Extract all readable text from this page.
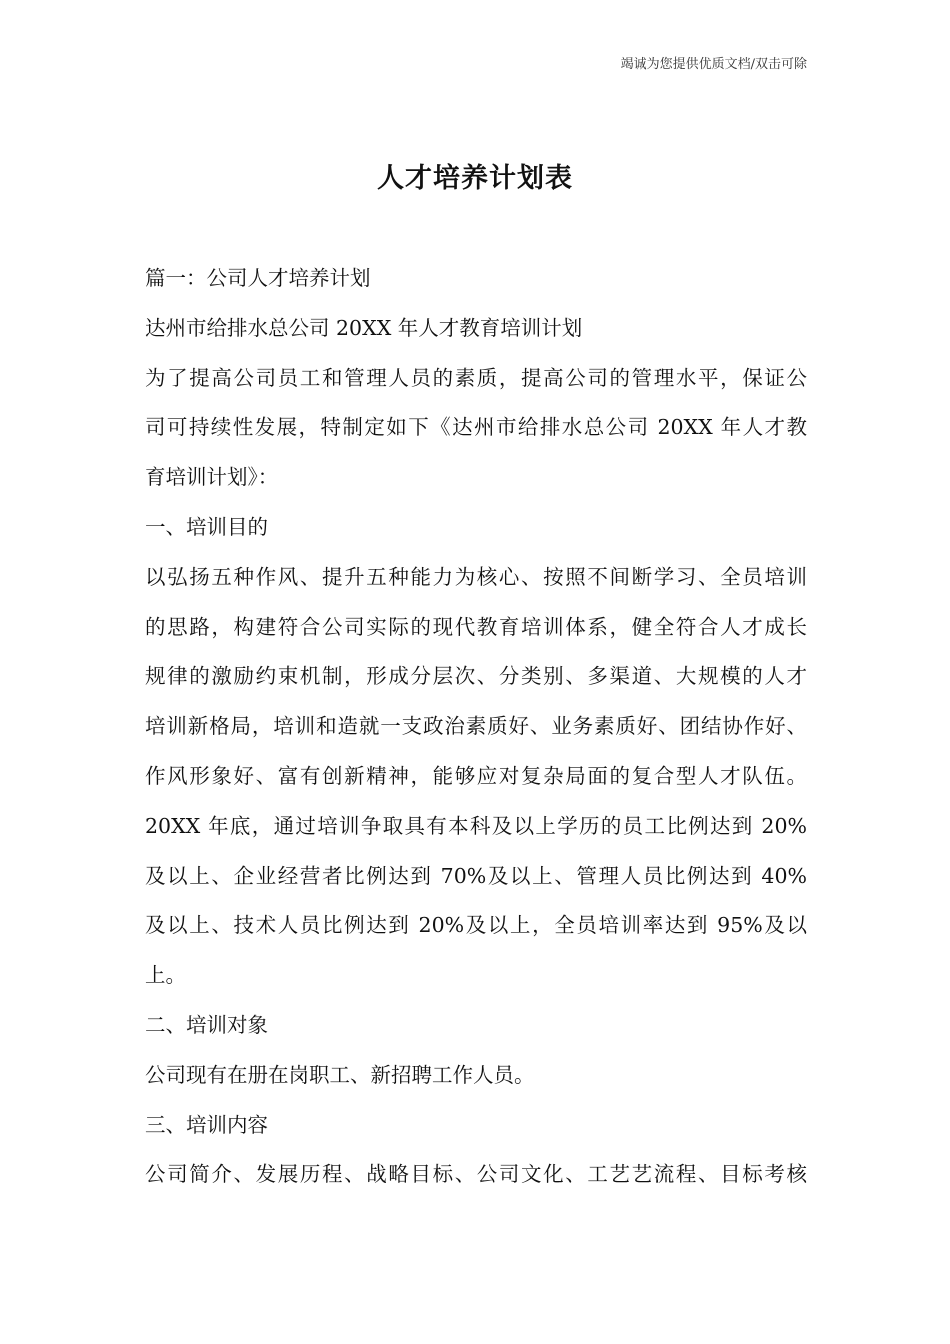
竭诚为您提供优质文档/双击可除
人才培养计划表
篇一：公司人才培养计划
达州市给排水总公司 20XX 年人才教育培训计划
为了提高公司员工和管理人员的素质，提高公司的管理水平，保证公
司可持续性发展，特制定如下《达州市给排水总公司 20XX 年人才教
育培训计划》：
一、培训目的
以弘扬五种作风、提升五种能力为核心、按照不间断学习、全员培训
的思路，构建符合公司实际的现代教育培训体系，健全符合人才成长
规律的激励约束机制，形成分层次、分类别、多渠道、大规模的人才
培训新格局，培训和造就一支政治素质好、业务素质好、团结协作好、
作风形象好、富有创新精神，能够应对复杂局面的复合型人才队伍。
20XX 年底，通过培训争取具有本科及以上学历的员工比例达到 20%
及以上、企业经营者比例达到 70%及以上、管理人员比例达到 40%
及以上、技术人员比例达到 20%及以上，全员培训率达到 95%及以
上。
二、培训对象
公司现有在册在岗职工、新招聘工作人员。
三、培训内容
公司简介、发展历程、战略目标、公司文化、工艺艺流程、目标考核
